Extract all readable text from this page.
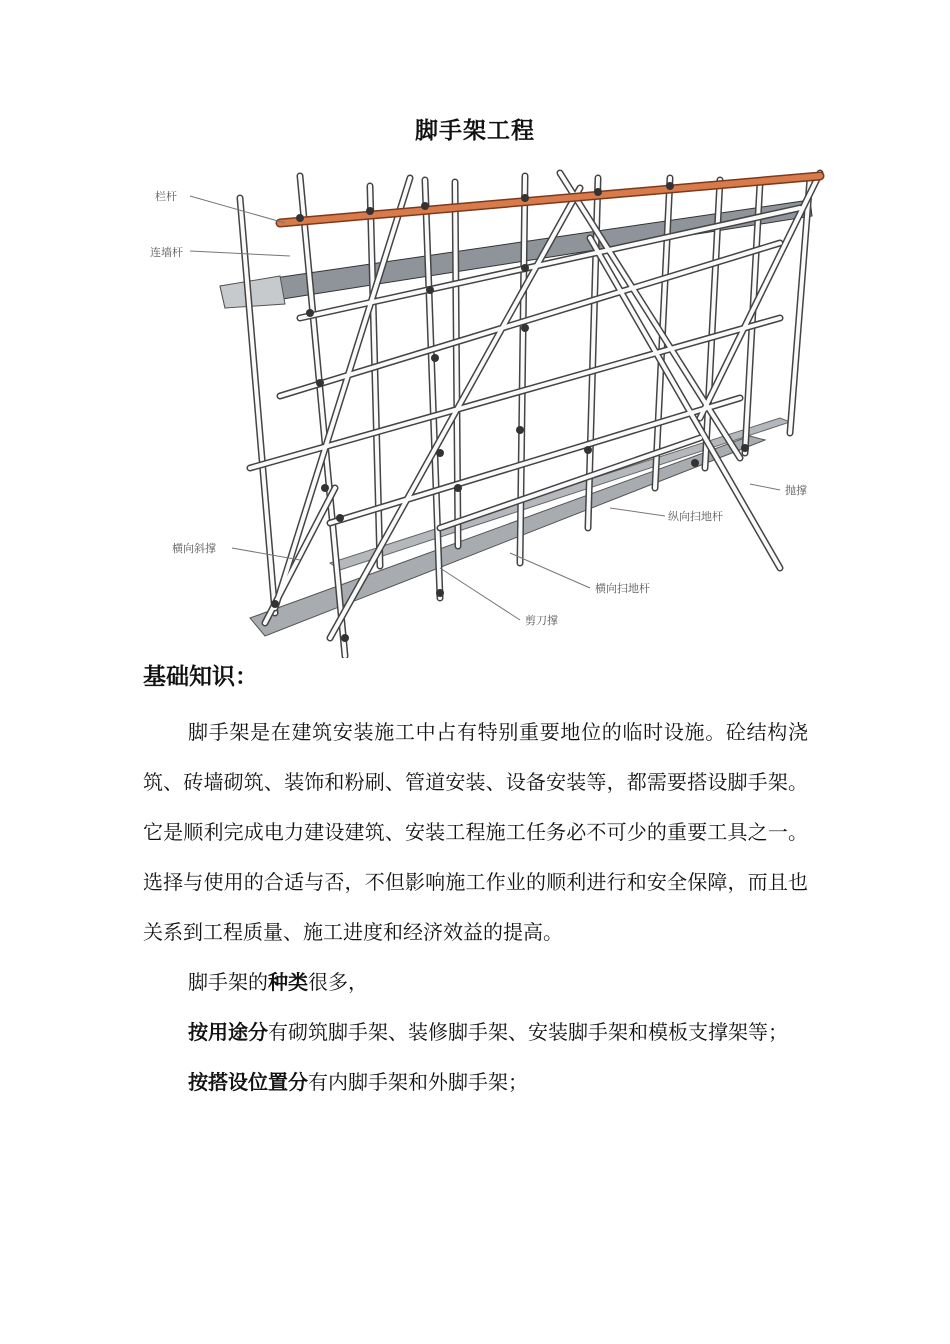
脚手架工程
栏杆
连墙杆
横向斜撑
剪刀撑
横向扫地杆
纵向扫地杆
抛撑
基础知识：

脚手架是在建筑安装施工中占有特别重要地位的临时设施。砼结构浇筑、砖墙砌筑、装饰和粉刷、管道安装、设备安装等，都需要搭设脚手架。它是顺利完成电力建设建筑、安装工程施工任务必不可少的重要工具之一。选择与使用的合适与否，不但影响施工作业的顺利进行和安全保障，而且也关系到工程质量、施工进度和经济效益的提高。

脚手架的种类很多，

按用途分有砌筑脚手架、装修脚手架、安装脚手架和模板支撑架等；

按搭设位置分有内脚手架和外脚手架；
